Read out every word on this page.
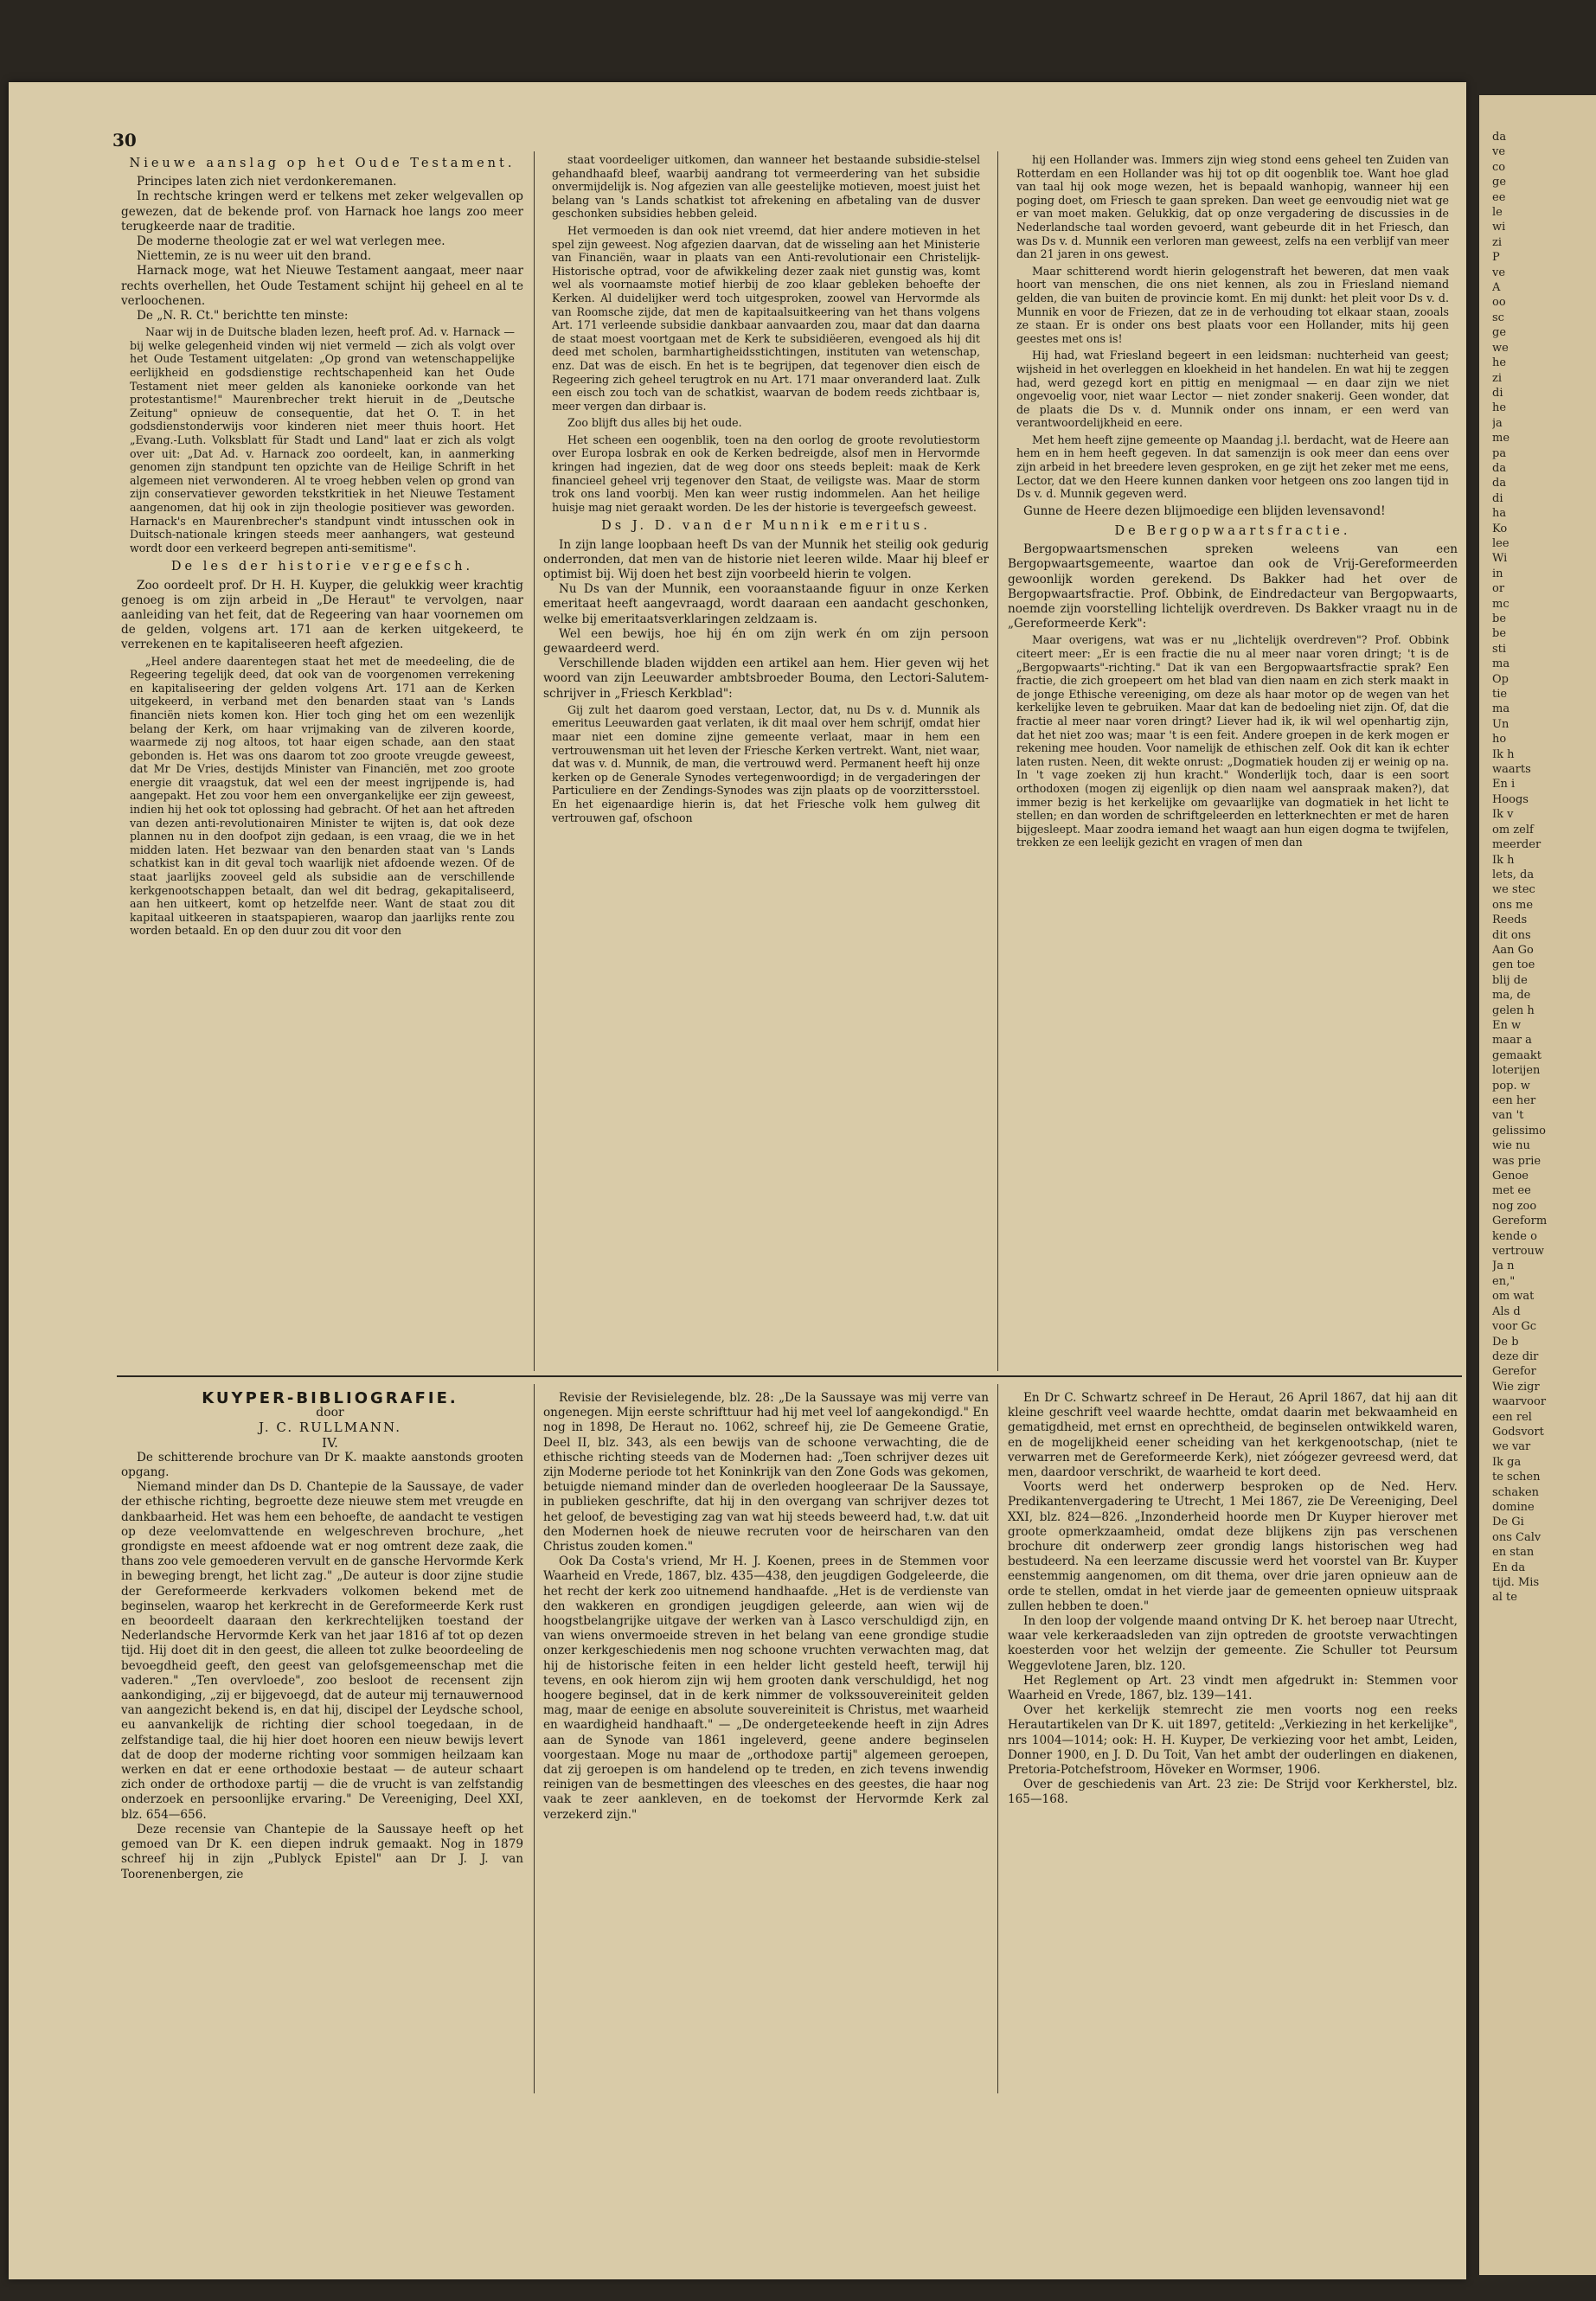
30

Nieuwe aanslag op het Oude Testament.

Principes laten zich niet verdonkeremanen.

In rechtsche kringen werd er telkens met zeker welgevallen op gewezen, dat de bekende prof. von Harnack hoe langs zoo meer terugkeerde naar de traditie.

De moderne theologie zat er wel wat verlegen mee.

Niettemin, ze is nu weer uit den brand.

Harnack moge, wat het Nieuwe Testament aangaat, meer naar rechts overhellen, het Oude Testament schijnt hij geheel en al te verloochenen.

De „N. R. Ct." berichtte ten minste:

Naar wij in de Duitsche bladen lezen, heeft prof. Ad. v. Harnack — bij welke gelegenheid vinden wij niet vermeld — zich als volgt over het Oude Testament uitgelaten: „Op grond van wetenschappelijke eerlijkheid en godsdienstige rechtschapenheid kan het Oude Testament niet meer gelden als kanonieke oorkonde van het protestantisme!" Maurenbrecher trekt hieruit in de „Deutsche Zeitung" opnieuw de consequentie, dat het O. T. in het godsdienstonderwijs voor kinderen niet meer thuis hoort. Het „Evang.-Luth. Volksblatt für Stadt und Land" laat er zich als volgt over uit: „Dat Ad. v. Harnack zoo oordeelt, kan, in aanmerking genomen zijn standpunt ten opzichte van de Heilige Schrift in het algemeen niet verwonderen. Al te vroeg hebben velen op grond van zijn conservatiever geworden tekstkritiek in het Nieuwe Testament aangenomen, dat hij ook in zijn theologie positiever was geworden. Harnack's en Maurenbrecher's standpunt vindt intusschen ook in Duitsch-nationale kringen steeds meer aanhangers, wat gesteund wordt door een verkeerd begrepen anti-semitisme".

De les der historie vergeefsch.

Zoo oordeelt prof. Dr H. H. Kuyper, die gelukkig weer krachtig genoeg is om zijn arbeid in „De Heraut" te vervolgen, naar aanleiding van het feit, dat de Regeering van haar voornemen om de gelden, volgens art. 171 aan de kerken uitgekeerd, te verrekenen en te kapitaliseeren heeft afgezien.

„Heel andere daarentegen staat het met de meedeeling, die de Regeering tegelijk deed, dat ook van de voorgenomen verrekening en kapitaliseering der gelden volgens Art. 171 aan de Kerken uitgekeerd, in verband met den benarden staat van 's Lands financiën niets komen kon. Hier toch ging het om een wezenlijk belang der Kerk, om haar vrijmaking van de zilveren koorde, waarmede zij nog altoos, tot haar eigen schade, aan den staat gebonden is. Het was ons daarom tot zoo groote vreugde geweest, dat Mr De Vries, destijds Minister van Financiën, met zoo groote energie dit vraagstuk, dat wel een der meest ingrijpende is, had aangepakt. Het zou voor hem een onvergankelijke eer zijn geweest, indien hij het ook tot oplossing had gebracht. Of het aan het aftreden van dezen anti-revolutionairen Minister te wijten is, dat ook deze plannen nu in den doofpot zijn gedaan, is een vraag, die we in het midden laten. Het bezwaar van den benarden staat van 's Lands schatkist kan in dit geval toch waarlijk niet afdoende wezen. Of de staat jaarlijks zooveel geld als subsidie aan de verschillende kerkgenootschappen betaalt, dan wel dit bedrag, gekapitaliseerd, aan hen uitkeert, komt op hetzelfde neer. Want de staat zou dit kapitaal uitkeeren in staatspapieren, waarop dan jaarlijks rente zou worden betaald. En op den duur zou dit voor den

staat voordeeliger uitkomen, dan wanneer het bestaande subsidie-stelsel gehandhaafd bleef, waarbij aandrang tot vermeerdering van het subsidie onvermijdelijk is. Nog afgezien van alle geestelijke motieven, moest juist het belang van 's Lands schatkist tot afrekening en afbetaling van de dusver geschonken subsidies hebben geleid.

Het vermoeden is dan ook niet vreemd, dat hier andere motieven in het spel zijn geweest. Nog afgezien daarvan, dat de wisseling aan het Ministerie van Financiën, waar in plaats van een Anti-revolutionair een Christelijk-Historische optrad, voor de afwikkeling dezer zaak niet gunstig was, komt wel als voornaamste motief hierbij de zoo klaar gebleken behoefte der Kerken. Al duidelijker werd toch uitgesproken, zoowel van Hervormde als van Roomsche zijde, dat men de kapitaalsuitkeering van het thans volgens Art. 171 verleende subsidie dankbaar aanvaarden zou, maar dat dan daarna de staat moest voortgaan met de Kerk te subsidiëeren, evengoed als hij dit deed met scholen, barmhartigheidsstichtingen, instituten van wetenschap, enz. Dat was de eisch. En het is te begrijpen, dat tegenover dien eisch de Regeering zich geheel terugtrok en nu Art. 171 maar onveranderd laat. Zulk een eisch zou toch van de schatkist, waarvan de bodem reeds zichtbaar is, meer vergen dan dirbaar is.

Zoo blijft dus alles bij het oude.

Het scheen een oogenblik, toen na den oorlog de groote revolutiestorm over Europa losbrak en ook de Kerken bedreigde, alsof men in Hervormde kringen had ingezien, dat de weg door ons steeds bepleit: maak de Kerk financieel geheel vrij tegenover den Staat, de veiligste was. Maar de storm trok ons land voorbij. Men kan weer rustig indommelen. Aan het heilige huisje mag niet geraakt worden. De les der historie is tevergeefsch geweest.

Ds J. D. van der Munnik emeritus.

In zijn lange loopbaan heeft Ds van der Munnik het steilig ook gedurig onderronden, dat men van de historie niet leeren wilde. Maar hij bleef er optimist bij. Wij doen het best zijn voorbeeld hierin te volgen.

Nu Ds van der Munnik, een vooraanstaande figuur in onze Kerken emeritaat heeft aangevraagd, wordt daaraan een aandacht geschonken, welke bij emeritaatsverklaringen zeldzaam is.

Wel een bewijs, hoe hij én om zijn werk én om zijn persoon gewaardeerd werd.

Verschillende bladen wijdden een artikel aan hem. Hier geven wij het woord van zijn Leeuwarder ambtsbroeder Bouma, den Lectori-Salutem-schrijver in „Friesch Kerkblad":

Gij zult het daarom goed verstaan, Lector, dat, nu Ds v. d. Munnik als emeritus Leeuwarden gaat verlaten, ik dit maal over hem schrijf, omdat hier maar niet een domine zijne gemeente verlaat, maar in hem een vertrouwensman uit het leven der Friesche Kerken vertrekt. Want, niet waar, dat was v. d. Munnik, de man, die vertrouwd werd. Permanent heeft hij onze kerken op de Generale Synodes vertegenwoordigd; in de vergaderingen der Particuliere en der Zendings-Synodes was zijn plaats op de voorzittersstoel. En het eigenaardige hierin is, dat het Friesche volk hem gulweg dit vertrouwen gaf, ofschoon

hij een Hollander was. Immers zijn wieg stond eens geheel ten Zuiden van Rotterdam en een Hollander was hij tot op dit oogenblik toe. Want hoe glad van taal hij ook moge wezen, het is bepaald wanhopig, wanneer hij een poging doet, om Friesch te gaan spreken. Dan weet ge eenvoudig niet wat ge er van moet maken. Gelukkig, dat op onze vergadering de discussies in de Nederlandsche taal worden gevoerd, want gebeurde dit in het Friesch, dan was Ds v. d. Munnik een verloren man geweest, zelfs na een verblijf van meer dan 21 jaren in ons gewest.

Maar schitterend wordt hierin gelogenstraft het beweren, dat men vaak hoort van menschen, die ons niet kennen, als zou in Friesland niemand gelden, die van buiten de provincie komt. En mij dunkt: het pleit voor Ds v. d. Munnik en voor de Friezen, dat ze in de verhouding tot elkaar staan, zooals ze staan. Er is onder ons best plaats voor een Hollander, mits hij geen geestes met ons is!

Hij had, wat Friesland begeert in een leidsman: nuchterheid van geest; wijsheid in het overleggen en kloekheid in het handelen. En wat hij te zeggen had, werd gezegd kort en pittig en menigmaal — en daar zijn we niet ongevoelig voor, niet waar Lector — niet zonder snakerij. Geen wonder, dat de plaats die Ds v. d. Munnik onder ons innam, er een werd van verantwoordelijkheid en eere.

Met hem heeft zijne gemeente op Maandag j.l. berdacht, wat de Heere aan hem en in hem heeft gegeven. In dat samenzijn is ook meer dan eens over zijn arbeid in het breedere leven gesproken, en ge zijt het zeker met me eens, Lector, dat we den Heere kunnen danken voor hetgeen ons zoo langen tijd in Ds v. d. Munnik gegeven werd.

Gunne de Heere dezen blijmoedige een blijden levensavond!

De Bergopwaartsfractie.

Bergopwaartsmenschen spreken weleens van een Bergopwaartsgemeente, waartoe dan ook de Vrij-Gereformeerden gewoonlijk worden gerekend. Ds Bakker had het over de Bergopwaartsfractie. Prof. Obbink, de Eindredacteur van Bergopwaarts, noemde zijn voorstelling lichtelijk overdreven. Ds Bakker vraagt nu in de „Gereformeerde Kerk":

Maar overigens, wat was er nu „lichtelijk overdreven"? Prof. Obbink citeert meer: „Er is een fractie die nu al meer naar voren dringt; 't is de „Bergopwaarts"-richting." Dat ik van een Bergopwaartsfractie sprak? Een fractie, die zich groepeert om het blad van dien naam en zich sterk maakt in de jonge Ethische vereeniging, om deze als haar motor op de wegen van het kerkelijke leven te gebruiken. Maar dat kan de bedoeling niet zijn. Of, dat die fractie al meer naar voren dringt? Liever had ik, ik wil wel openhartig zijn, dat het niet zoo was; maar 't is een feit. Andere groepen in de kerk mogen er rekening mee houden. Voor namelijk de ethischen zelf. Ook dit kan ik echter laten rusten. Neen, dit wekte onrust: „Dogmatiek houden zij er weinig op na. In 't vage zoeken zij hun kracht." Wonderlijk toch, daar is een soort orthodoxen (mogen zij eigenlijk op dien naam wel aanspraak maken?), dat immer bezig is het kerkelijke om gevaarlijke van dogmatiek in het licht te stellen; en dan worden de schriftgeleerden en letterknechten er met de haren bijgesleept. Maar zoodra iemand het waagt aan hun eigen dogma te twijfelen, trekken ze een leelijk gezicht en vragen of men dan

KUYPER-BIBLIOGRAFIE.

door

J. C. RULLMANN.

IV.

De schitterende brochure van Dr K. maakte aanstonds grooten opgang.

Niemand minder dan Ds D. Chantepie de la Saussaye, de vader der ethische richting, begroette deze nieuwe stem met vreugde en dankbaarheid. Het was hem een behoefte, de aandacht te vestigen op deze veelomvattende en welgeschreven brochure, „het grondigste en meest afdoende wat er nog omtrent deze zaak, die thans zoo vele gemoederen vervult en de gansche Hervormde Kerk in beweging brengt, het licht zag." „De auteur is door zijne studie der Gereformeerde kerkvaders volkomen bekend met de beginselen, waarop het kerkrecht in de Gereformeerde Kerk rust en beoordeelt daaraan den kerkrechtelijken toestand der Nederlandsche Hervormde Kerk van het jaar 1816 af tot op dezen tijd. Hij doet dit in den geest, die alleen tot zulke beoordeeling de bevoegdheid geeft, den geest van gelofsgemeenschap met die vaderen." „Ten overvloede", zoo besloot de recensent zijn aankondiging, „zij er bijgevoegd, dat de auteur mij ternauwernood van aangezicht bekend is, en dat hij, discipel der Leydsche school, eu aanvankelijk de richting dier school toegedaan, in de zelfstandige taal, die hij hier doet hooren een nieuw bewijs levert dat de doop der moderne richting voor sommigen heilzaam kan werken en dat er eene orthodoxie bestaat — de auteur schaart zich onder de orthodoxe partij — die de vrucht is van zelfstandig onderzoek en persoonlijke ervaring." De Vereeniging, Deel XXI, blz. 654—656.

Deze recensie van Chantepie de la Saussaye heeft op het gemoed van Dr K. een diepen indruk gemaakt. Nog in 1879 schreef hij in zijn „Publyck Epistel" aan Dr J. J. van Toorenenbergen, zie

Revisie der Revisielegende, blz. 28: „De la Saussaye was mij verre van ongenegen. Mijn eerste schrifttuur had hij met veel lof aangekondigd." En nog in 1898, De Heraut no. 1062, schreef hij, zie De Gemeene Gratie, Deel II, blz. 343, als een bewijs van de schoone verwachting, die de ethische richting steeds van de Modernen had: „Toen schrijver dezes uit zijn Moderne periode tot het Koninkrijk van den Zone Gods was gekomen, betuigde niemand minder dan de overleden hoogleeraar De la Saussaye, in publieken geschrifte, dat hij in den overgang van schrijver dezes tot het geloof, de bevestiging zag van wat hij steeds beweerd had, t.w. dat uit den Modernen hoek de nieuwe recruten voor de heirscharen van den Christus zouden komen."

Ook Da Costa's vriend, Mr H. J. Koenen, prees in de Stemmen voor Waarheid en Vrede, 1867, blz. 435—438, den jeugdigen Godgeleerde, die het recht der kerk zoo uitnemend handhaafde. „Het is de verdienste van den wakkeren en grondigen jeugdigen geleerde, aan wien wij de hoogstbelangrijke uitgave der werken van à Lasco verschuldigd zijn, en van wiens onvermoeide streven in het belang van eene grondige studie onzer kerkgeschiedenis men nog schoone vruchten verwachten mag, dat hij de historische feiten in een helder licht gesteld heeft, terwijl hij tevens, en ook hierom zijn wij hem grooten dank verschuldigd, het nog hoogere beginsel, dat in de kerk nimmer de volkssouvereiniteit gelden mag, maar de eenige en absolute souvereiniteit is Christus, met waarheid en waardigheid handhaaft." — „De ondergeteekende heeft in zijn Adres aan de Synode van 1861 ingeleverd, geene andere beginselen voorgestaan. Moge nu maar de „orthodoxe partij" algemeen geroepen, dat zij geroepen is om handelend op te treden, en zich tevens inwendig reinigen van de besmettingen des vleesches en des geestes, die haar nog vaak te zeer aankleven, en de toekomst der Hervormde Kerk zal verzekerd zijn."

En Dr C. Schwartz schreef in De Heraut, 26 April 1867, dat hij aan dit kleine geschrift veel waarde hechtte, omdat daarin met bekwaamheid en gematigdheid, met ernst en oprechtheid, de beginselen ontwikkeld waren, en de mogelijkheid eener scheiding van het kerkgenootschap, (niet te verwarren met de Gereformeerde Kerk), niet zóógezer gevreesd werd, dat men, daardoor verschrikt, de waarheid te kort deed.

Voorts werd het onderwerp besproken op de Ned. Herv. Predikantenvergadering te Utrecht, 1 Mei 1867, zie De Vereeniging, Deel XXI, blz. 824—826. „Inzonderheid hoorde men Dr Kuyper hierover met groote opmerkzaamheid, omdat deze blijkens zijn pas verschenen brochure dit onderwerp zeer grondig langs historischen weg had bestudeerd. Na een leerzame discussie werd het voorstel van Br. Kuyper eenstemmig aangenomen, om dit thema, over drie jaren opnieuw aan de orde te stellen, omdat in het vierde jaar de gemeenten opnieuw uitspraak zullen hebben te doen."

In den loop der volgende maand ontving Dr K. het beroep naar Utrecht, waar vele kerkeraadsleden van zijn optreden de grootste verwachtingen koesterden voor het welzijn der gemeente. Zie Schuller tot Peursum Weggevlotene Jaren, blz. 120.

Het Reglement op Art. 23 vindt men afgedrukt in: Stemmen voor Waarheid en Vrede, 1867, blz. 139—141.

Over het kerkelijk stemrecht zie men voorts nog een reeks Herautartikelen van Dr K. uit 1897, getiteld: „Verkiezing in het kerkelijke", nrs 1004—1014; ook: H. H. Kuyper, De verkiezing voor het ambt, Leiden, Donner 1900, en J. D. Du Toit, Van het ambt der ouderlingen en diakenen, Pretoria-Potchefstroom, Höveker en Wormser, 1906.

Over de geschiedenis van Art. 23 zie: De Strijd voor Kerkherstel, blz. 165—168.

da
ve
co
ge
ee
le
wi
zi
P
ve
A
oo
sc
ge
we
he
zi
di
he
ja
me
pa
da
da
di
ha
Ko
lee
Wi
in
or
mc
be
be
sti
ma
Op
tie
ma
Un
ho
Ik h
waarts
En i
Hoogs
Ik v
om zelf
meerder
Ik h
lets, da
we stec
ons me
Reeds
dit ons
Aan Go
gen toe
blij de
ma, de
gelen h
En w
maar a
gemaakt
loterijen
pop. w
een her
van 't
gelissimo
wie nu
was prie
Genoe
met ee
nog zoo
Gereform
kende o
vertrouw
Ja n
en,"
om wat
Als d
voor Gc
De b
deze dir
Gerefor
Wie zigr
waarvoor
een rel
Godsvort
we var
Ik ga
te schen
schaken
domine
De Gi
ons Calv
en stan
En da
tijd. Mis
al te
